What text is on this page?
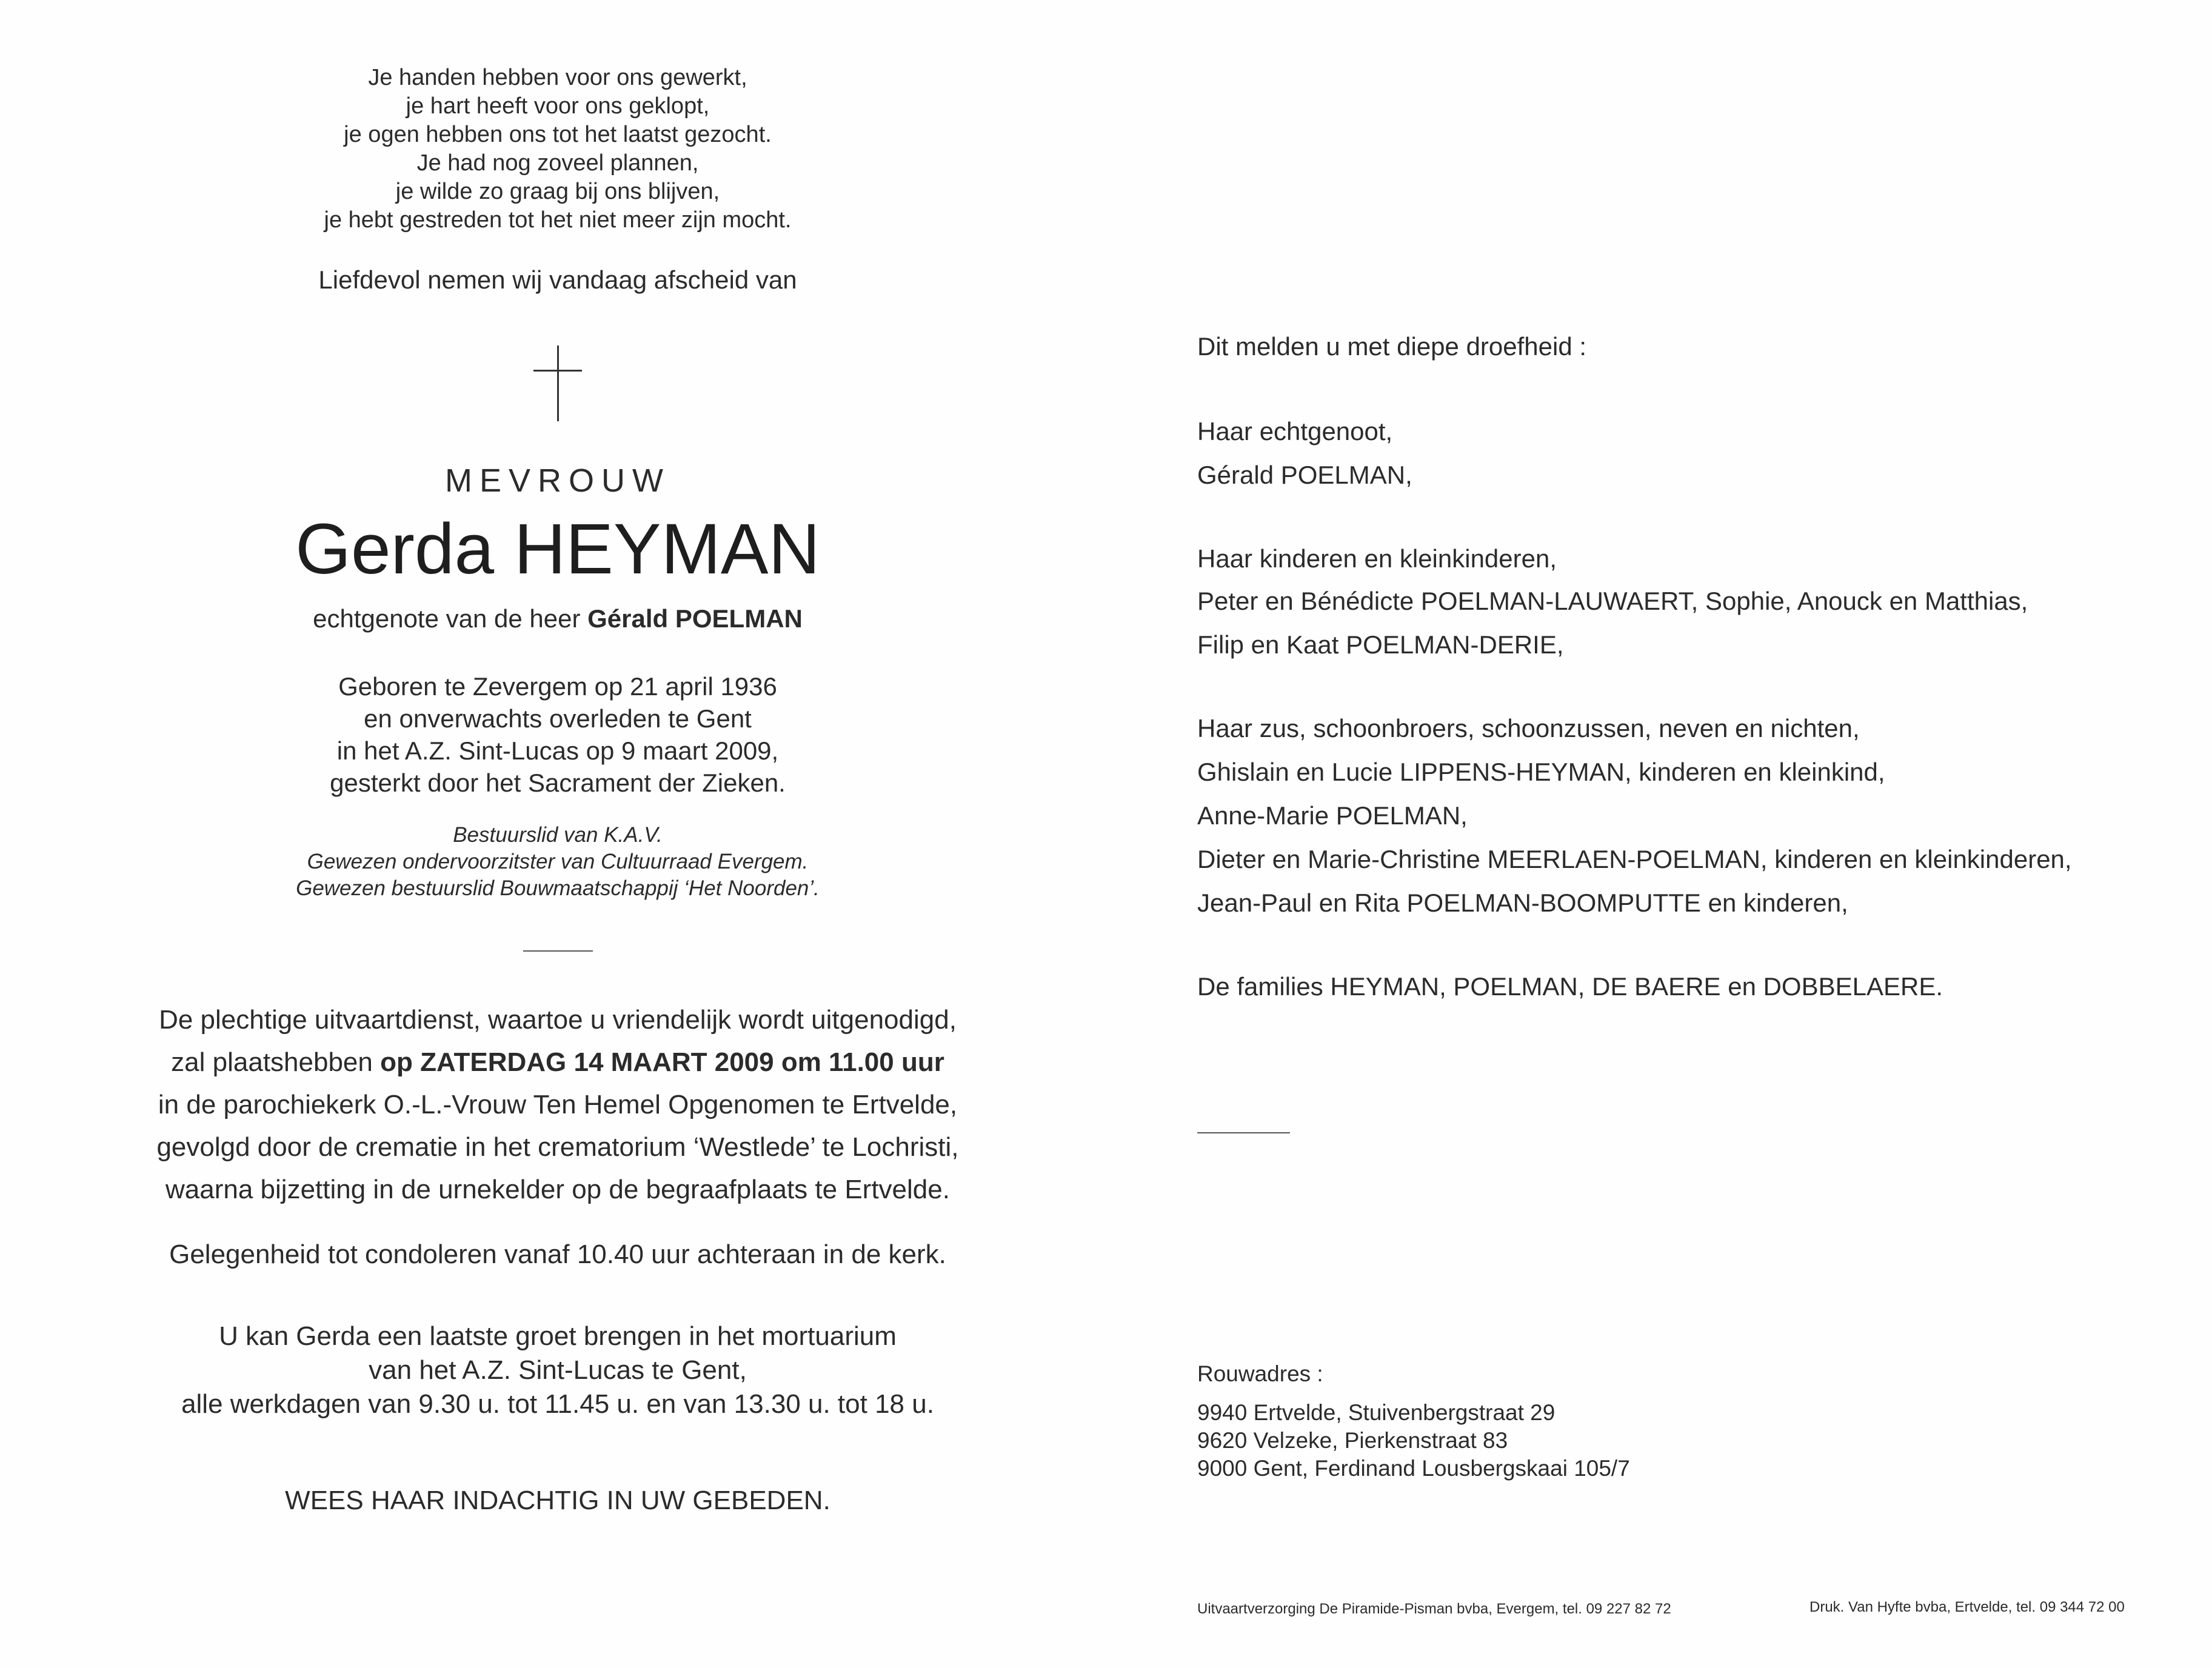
Je handen hebben voor ons gewerkt,
je hart heeft voor ons geklopt,
je ogen hebben ons tot het laatst gezocht.
Je had nog zoveel plannen,
je wilde zo graag bij ons blijven,
je hebt gestreden tot het niet meer zijn mocht.
Liefdevol nemen wij vandaag afscheid van
MEVROUW
Gerda HEYMAN
echtgenote van de heer Gérald POELMAN
Geboren te Zevergem op 21 april 1936
en onverwachts overleden te Gent
in het A.Z. Sint-Lucas op 9 maart 2009,
gesterkt door het Sacrament der Zieken.
Bestuurslid van K.A.V.
Gewezen ondervoorzitster van Cultuurraad Evergem.
Gewezen bestuurslid Bouwmaatschappij ‘Het Noorden’.
De plechtige uitvaartdienst, waartoe u vriendelijk wordt uitgenodigd,
zal plaatshebben op ZATERDAG 14 MAART 2009 om 11.00 uur
in de parochiekerk O.-L.-Vrouw Ten Hemel Opgenomen te Ertvelde,
gevolgd door de crematie in het crematorium ‘Westlede’ te Lochristi,
waarna bijzetting in de urnekelder op de begraafplaats te Ertvelde.
Gelegenheid tot condoleren vanaf 10.40 uur achteraan in de kerk.
U kan Gerda een laatste groet brengen in het mortuarium
van het A.Z. Sint-Lucas te Gent,
alle werkdagen van 9.30 u. tot 11.45 u. en van 13.30 u. tot 18 u.
WEES HAAR INDACHTIG IN UW GEBEDEN.
Dit melden u met diepe droefheid :
Haar echtgenoot,
Gérald POELMAN,
Haar kinderen en kleinkinderen,
Peter en Bénédicte POELMAN-LAUWAERT, Sophie, Anouck en Matthias,
Filip en Kaat POELMAN-DERIE,
Haar zus, schoonbroers, schoonzussen, neven en nichten,
Ghislain en Lucie LIPPENS-HEYMAN, kinderen en kleinkind,
Anne-Marie POELMAN,
Dieter en Marie-Christine MEERLAEN-POELMAN, kinderen en kleinkinderen,
Jean-Paul en Rita POELMAN-BOOMPUTTE en kinderen,
De families HEYMAN, POELMAN, DE BAERE en DOBBELAERE.
Rouwadres :
9940 Ertvelde, Stuivenbergstraat 29
9620 Velzeke, Pierkenstraat 83
9000 Gent, Ferdinand Lousbergskaai 105/7
Uitvaartverzorging De Piramide-Pisman bvba, Evergem, tel. 09 227 82 72	Druk. Van Hyfte bvba, Ertvelde, tel. 09 344 72 00
